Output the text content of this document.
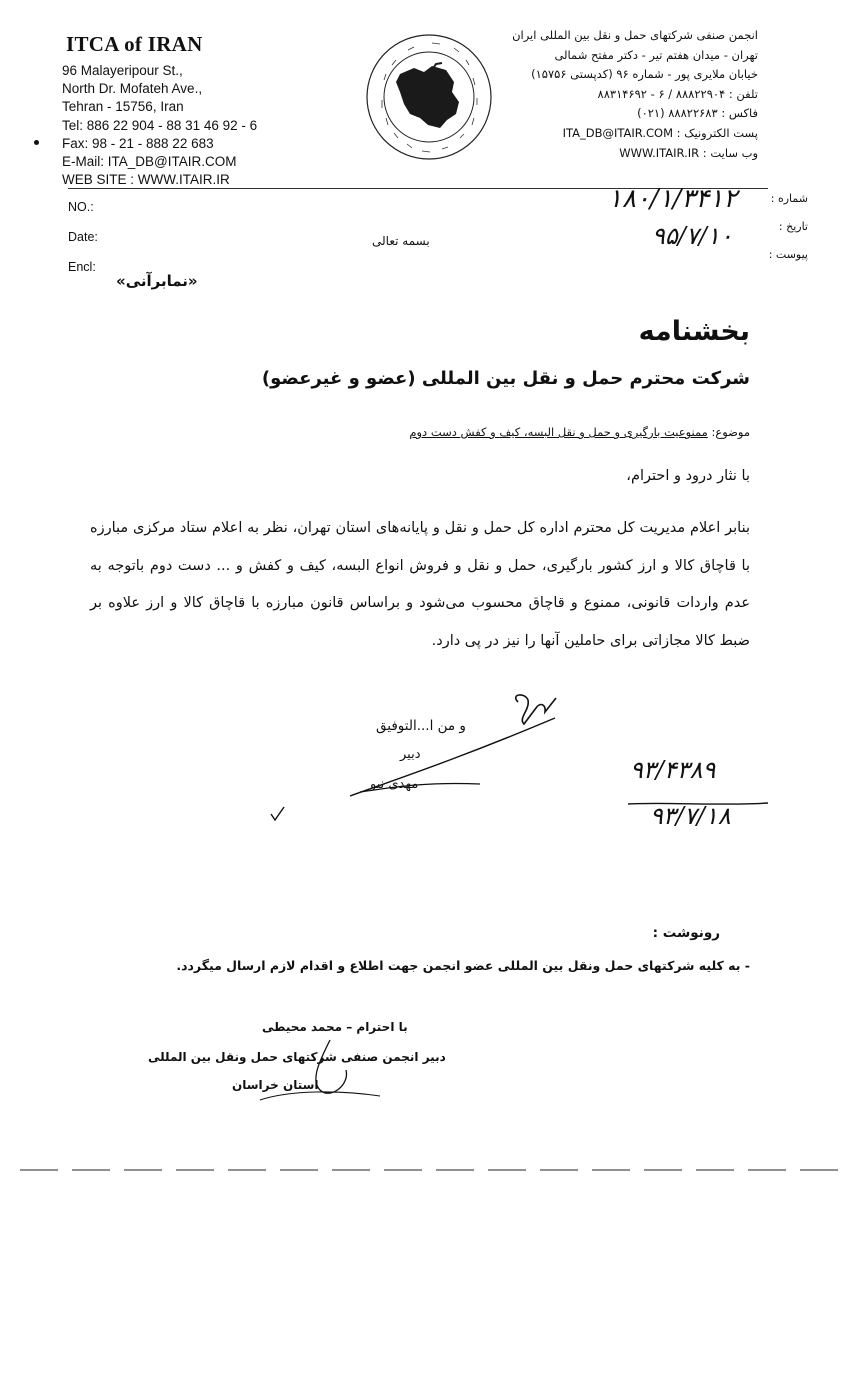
ITCA of IRAN
96 Malayeripour St.,
North Dr. Mofateh Ave.,
Tehran - 15756, Iran
Tel: 886 22 904 - 88 31 46 92 - 6
Fax: 98 - 21 - 888 22 683
E-Mail: ITA_DB@ITAIR.COM
WEB SITE : WWW.ITAIR.IR
انجمن صنفی شرکتهای حمل و نقل بین المللی ایران
تهران - میدان هفتم تیر - دکتر مفتح شمالی
خیابان ملایری پور - شماره ۹۶ (کدپستی ۱۵۷۵۶)
تلفن : ۸۸۸۲۲۹۰۴ / ۶ - ۸۸۳۱۴۶۹۲
فاکس : ۸۸۸۲۲۶۸۳ (۰۲۱)
پست الکترونیک : ITA_DB@ITAIR.COM
وب سایت : WWW.ITAIR.IR
NO.:
Date:
Encl:
شماره :
تاریخ :
پیوست :
۱۸۰/۱/۳۴۱۲
۹۵/۷/۱۰
بسمه تعالی
«نمابرآنی»
بخشنامه
شرکت محترم حمل و نقل بین المللی (عضو و غیرعضو)
موضوع: ممنوعیت بارگیری و حمل و نقل البسه، کیف و کفش دست دوم
با نثار درود و احترام،
بنابر اعلام مدیریت کل محترم اداره کل حمل و نقل و پایانه‌های استان تهران، نظر به اعلام ستاد مرکزی مبارزه با قاچاق کالا و ارز کشور بارگیری، حمل و نقل و فروش انواع البسه، کیف و کفش و ... دست دوم باتوجه به عدم واردات قانونی، ممنوع و قاچاق محسوب می‌شود و براساس قانون مبارزه با قاچاق کالا و ارز علاوه بر ضبط کالا مجازاتی برای حاملین آنها را نیز در پی دارد.
و من ا...التوفیق
دبیر
مهدی نبو
۹۳/۴۳۸۹
۹۳/۷/۱۸
رونوشت :
- به کلیه شرکتهای حمل ونقل بین المللی عضو انجمن جهت اطلاع و اقدام لازم ارسال میگردد.
با احترام – محمد محیطی
دبیر انجمن صنفی شرکتهای حمل ونقل بین المللی
استان خراسان
